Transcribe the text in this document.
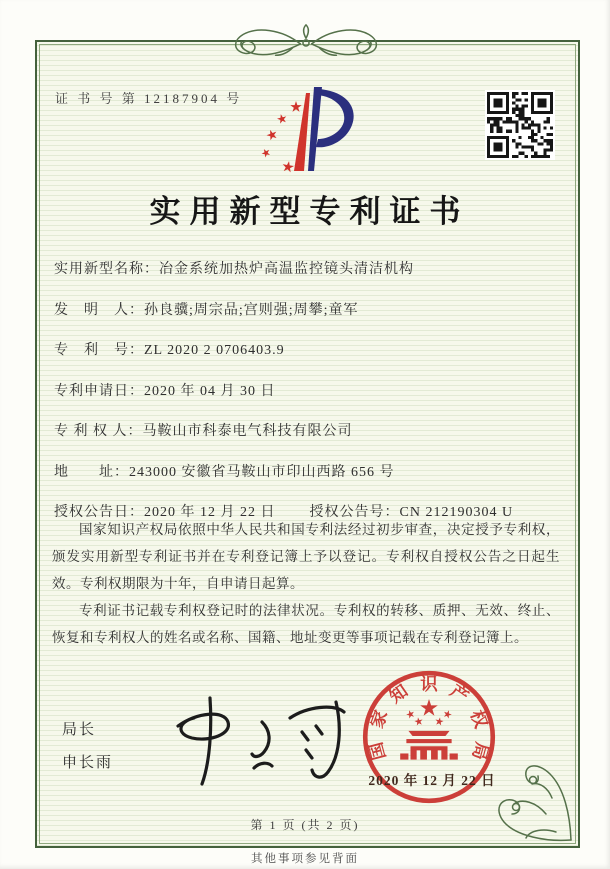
证 书 号 第 12187904 号
实用新型专利证书
实用新型名称： 冶金系统加热炉高温监控镜头清洁机构
发　明　人： 孙良骥;周宗品;宫则强;周攀;童军
专　利　号： ZL 2020 2 0706403.9
专利申请日： 2020 年 04 月 30 日
专 利 权 人： 马鞍山市科泰电气科技有限公司
地　　址： 243000 安徽省马鞍山市印山西路 656 号
授权公告日： 2020 年 12 月 22 日 授权公告号： CN 212190304 U

国家知识产权局依照中华人民共和国专利法经过初步审查，决定授予专利权，颁发实用新型专利证书并在专利登记簿上予以登记。专利权自授权公告之日起生效。专利权期限为十年，自申请日起算。

专利证书记载专利权登记时的法律状况。专利权的转移、质押、无效、终止、恢复和专利权人的姓名或名称、国籍、地址变更等事项记载在专利登记簿上。

局长
申长雨
国家知识产权局
2020 年 12 月 22 日
第 1 页 (共 2 页)
其他事项参见背面
